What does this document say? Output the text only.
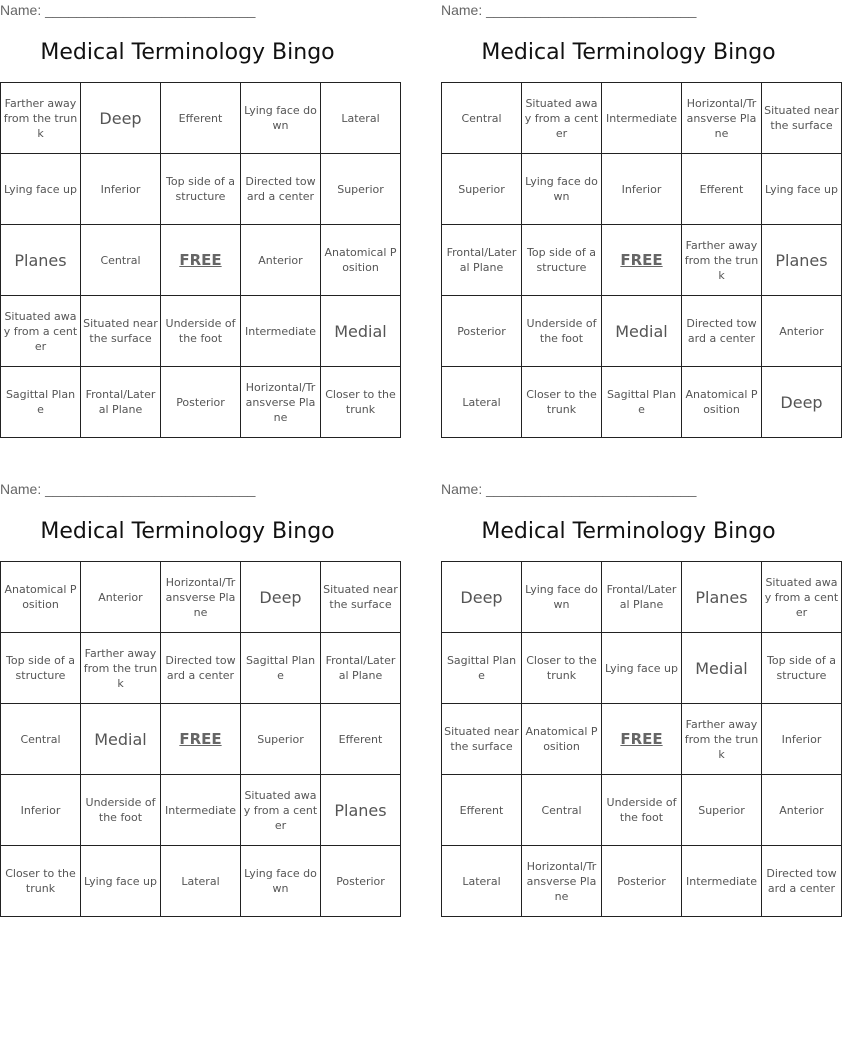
Name: ___________________________
Medical Terminology Bingo
Farther away from the trunk	Deep	Efferent	Lying face down	Lateral
Lying face up	Inferior	Top side of a structure	Directed toward a center	Superior
Planes	Central	FREE	Anterior	Anatomical Position
Situated away from a center	Situated near the surface	Underside of the foot	Intermediate	Medial
Sagittal Plane	Frontal/Lateral Plane	Posterior	Horizontal/Transverse Plane	Closer to the trunk
Name: ___________________________
Medical Terminology Bingo
Central	Situated away from a center	Intermediate	Horizontal/Transverse Plane	Situated near the surface
Superior	Lying face down	Inferior	Efferent	Lying face up
Frontal/Lateral Plane	Top side of a structure	FREE	Farther away from the trunk	Planes
Posterior	Underside of the foot	Medial	Directed toward a center	Anterior
Lateral	Closer to the trunk	Sagittal Plane	Anatomical Position	Deep
Name: ___________________________
Medical Terminology Bingo
Anatomical Position	Anterior	Horizontal/Transverse Plane	Deep	Situated near the surface
Top side of a structure	Farther away from the trunk	Directed toward a center	Sagittal Plane	Frontal/Lateral Plane
Central	Medial	FREE	Superior	Efferent
Inferior	Underside of the foot	Intermediate	Situated away from a center	Planes
Closer to the trunk	Lying face up	Lateral	Lying face down	Posterior
Name: ___________________________
Medical Terminology Bingo
Deep	Lying face down	Frontal/Lateral Plane	Planes	Situated away from a center
Sagittal Plane	Closer to the trunk	Lying face up	Medial	Top side of a structure
Situated near the surface	Anatomical Position	FREE	Farther away from the trunk	Inferior
Efferent	Central	Underside of the foot	Superior	Anterior
Lateral	Horizontal/Transverse Plane	Posterior	Intermediate	Directed toward a center
